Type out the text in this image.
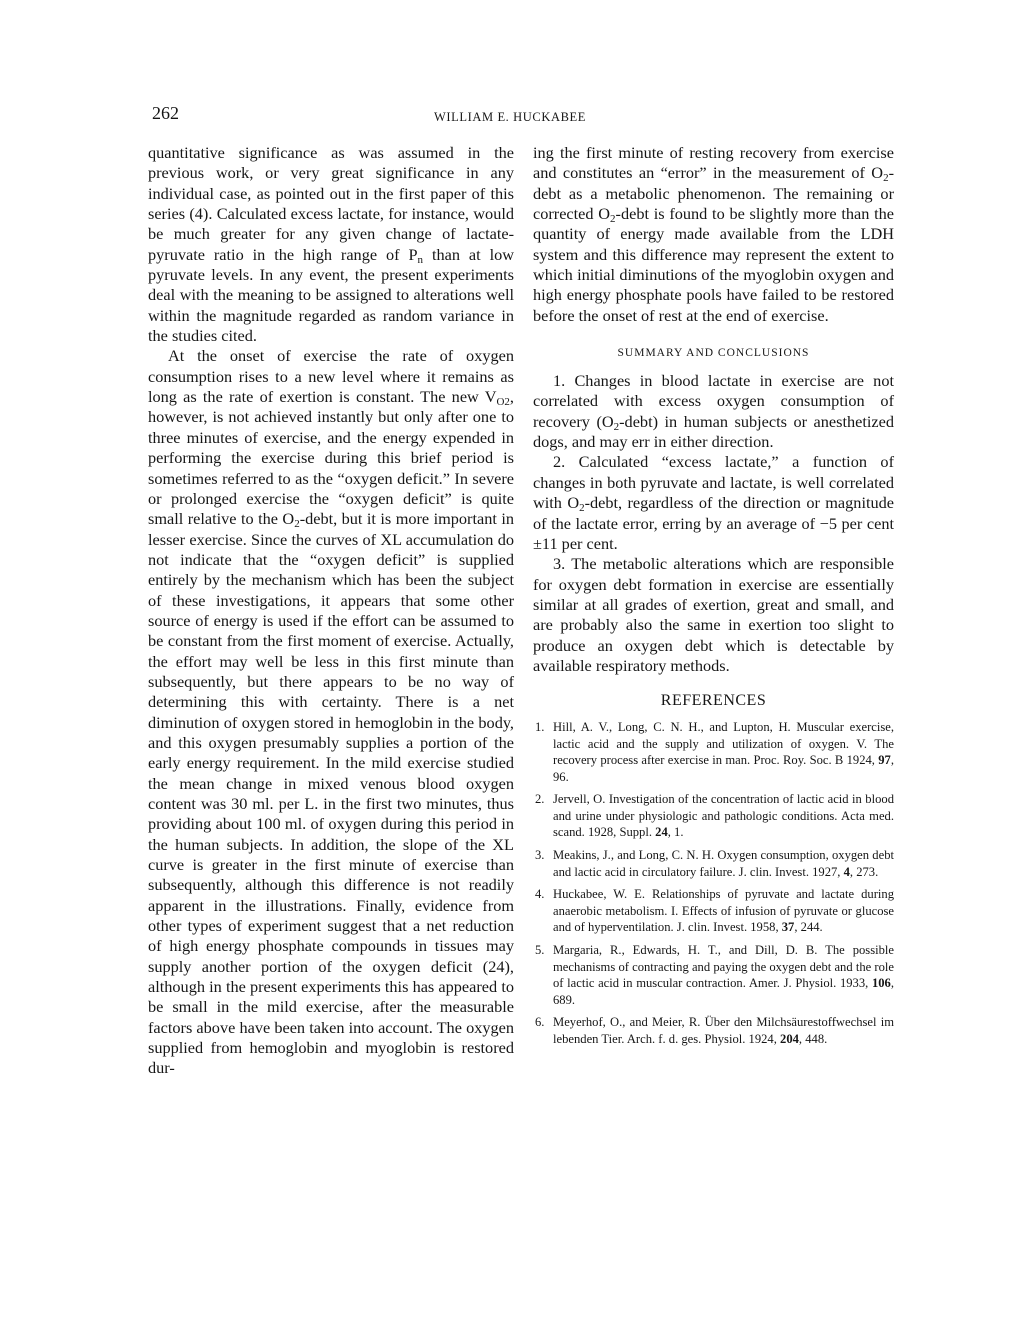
262	WILLIAM E. HUCKABEE

quantitative significance as was assumed in the previous work, or very great significance in any individual case, as pointed out in the first paper of this series (4). Calculated excess lactate, for instance, would be much greater for any given change of lactate-pyruvate ratio in the high range of $P_n$ than at low pyruvate levels. In any event, the present experiments deal with the meaning to be assigned to alterations well within the magnitude regarded as random variance in the studies cited.

At the onset of exercise the rate of oxygen consumption rises to a new level where it remains as long as the rate of exertion is constant. The new $V_{O2}$, however, is not achieved instantly but only after one to three minutes of exercise, and the energy expended in performing the exercise during this brief period is sometimes referred to as the “oxygen deficit.” In severe or prolonged exercise the “oxygen deficit” is quite small relative to the $O_2$-debt, but it is more important in lesser exercise. Since the curves of XL accumulation do not indicate that the “oxygen deficit” is supplied entirely by the mechanism which has been the subject of these investigations, it appears that some other source of energy is used if the effort can be assumed to be constant from the first moment of exercise. Actually, the effort may well be less in this first minute than subsequently, but there appears to be no way of determining this with certainty. There is a net diminution of oxygen stored in hemoglobin in the body, and this oxygen presumably supplies a portion of the early energy requirement. In the mild exercise studied the mean change in mixed venous blood oxygen content was 30 ml. per L. in the first two minutes, thus providing about 100 ml. of oxygen during this period in the human subjects. In addition, the slope of the XL curve is greater in the first minute of exercise than subsequently, although this difference is not readily apparent in the illustrations. Finally, evidence from other types of experiment suggest that a net reduction of high energy phosphate compounds in tissues may supply another portion of the oxygen deficit (24), although in the present experiments this has appeared to be small in the mild exercise, after the measurable factors above have been taken into account. The oxygen supplied from hemoglobin and myoglobin is restored dur-

ing the first minute of resting recovery from exercise and constitutes an “error” in the measurement of $O_2$-debt as a metabolic phenomenon. The remaining or corrected $O_2$-debt is found to be slightly more than the quantity of energy made available from the LDH system and this difference may represent the extent to which initial diminutions of the myoglobin oxygen and high energy phosphate pools have failed to be restored before the onset of rest at the end of exercise.

SUMMARY AND CONCLUSIONS

1. Changes in blood lactate in exercise are not correlated with excess oxygen consumption of recovery $(O_2-debt)$ in human subjects or anesthetized dogs, and may err in either direction.

2. Calculated “excess lactate,” a function of changes in both pyruvate and lactate, is well correlated with $O_2$-debt, regardless of the direction or magnitude of the lactate error, erring by an average of −5 per cent ±11 per cent.

3. The metabolic alterations which are responsible for oxygen debt formation in exercise are essentially similar at all grades of exertion, great and small, and are probably also the same in exertion too slight to produce an oxygen debt which is detectable by available respiratory methods.

REFERENCES
1. Hill, A. V., Long, C. N. H., and Lupton, H. Muscular exercise, lactic acid and the supply and utilization of oxygen. V. The recovery process after exercise in man. Proc. Roy. Soc. B 1924, 97, 96.
2. Jervell, O. Investigation of the concentration of lactic acid in blood and urine under physiologic and pathologic conditions. Acta med. scand. 1928, Suppl. 24, 1.
3. Meakins, J., and Long, C. N. H. Oxygen consumption, oxygen debt and lactic acid in circulatory failure. J. clin. Invest. 1927, 4, 273.
4. Huckabee, W. E. Relationships of pyruvate and lactate during anaerobic metabolism. I. Effects of infusion of pyruvate or glucose and of hyperventilation. J. clin. Invest. 1958, 37, 244.
5. Margaria, R., Edwards, H. T., and Dill, D. B. The possible mechanisms of contracting and paying the oxygen debt and the role of lactic acid in muscular contraction. Amer. J. Physiol. 1933, 106, 689.
6. Meyerhof, O., and Meier, R. Über den Milchsäurestoffwechsel im lebenden Tier. Arch. f. d. ges. Physiol. 1924, 204, 448.
